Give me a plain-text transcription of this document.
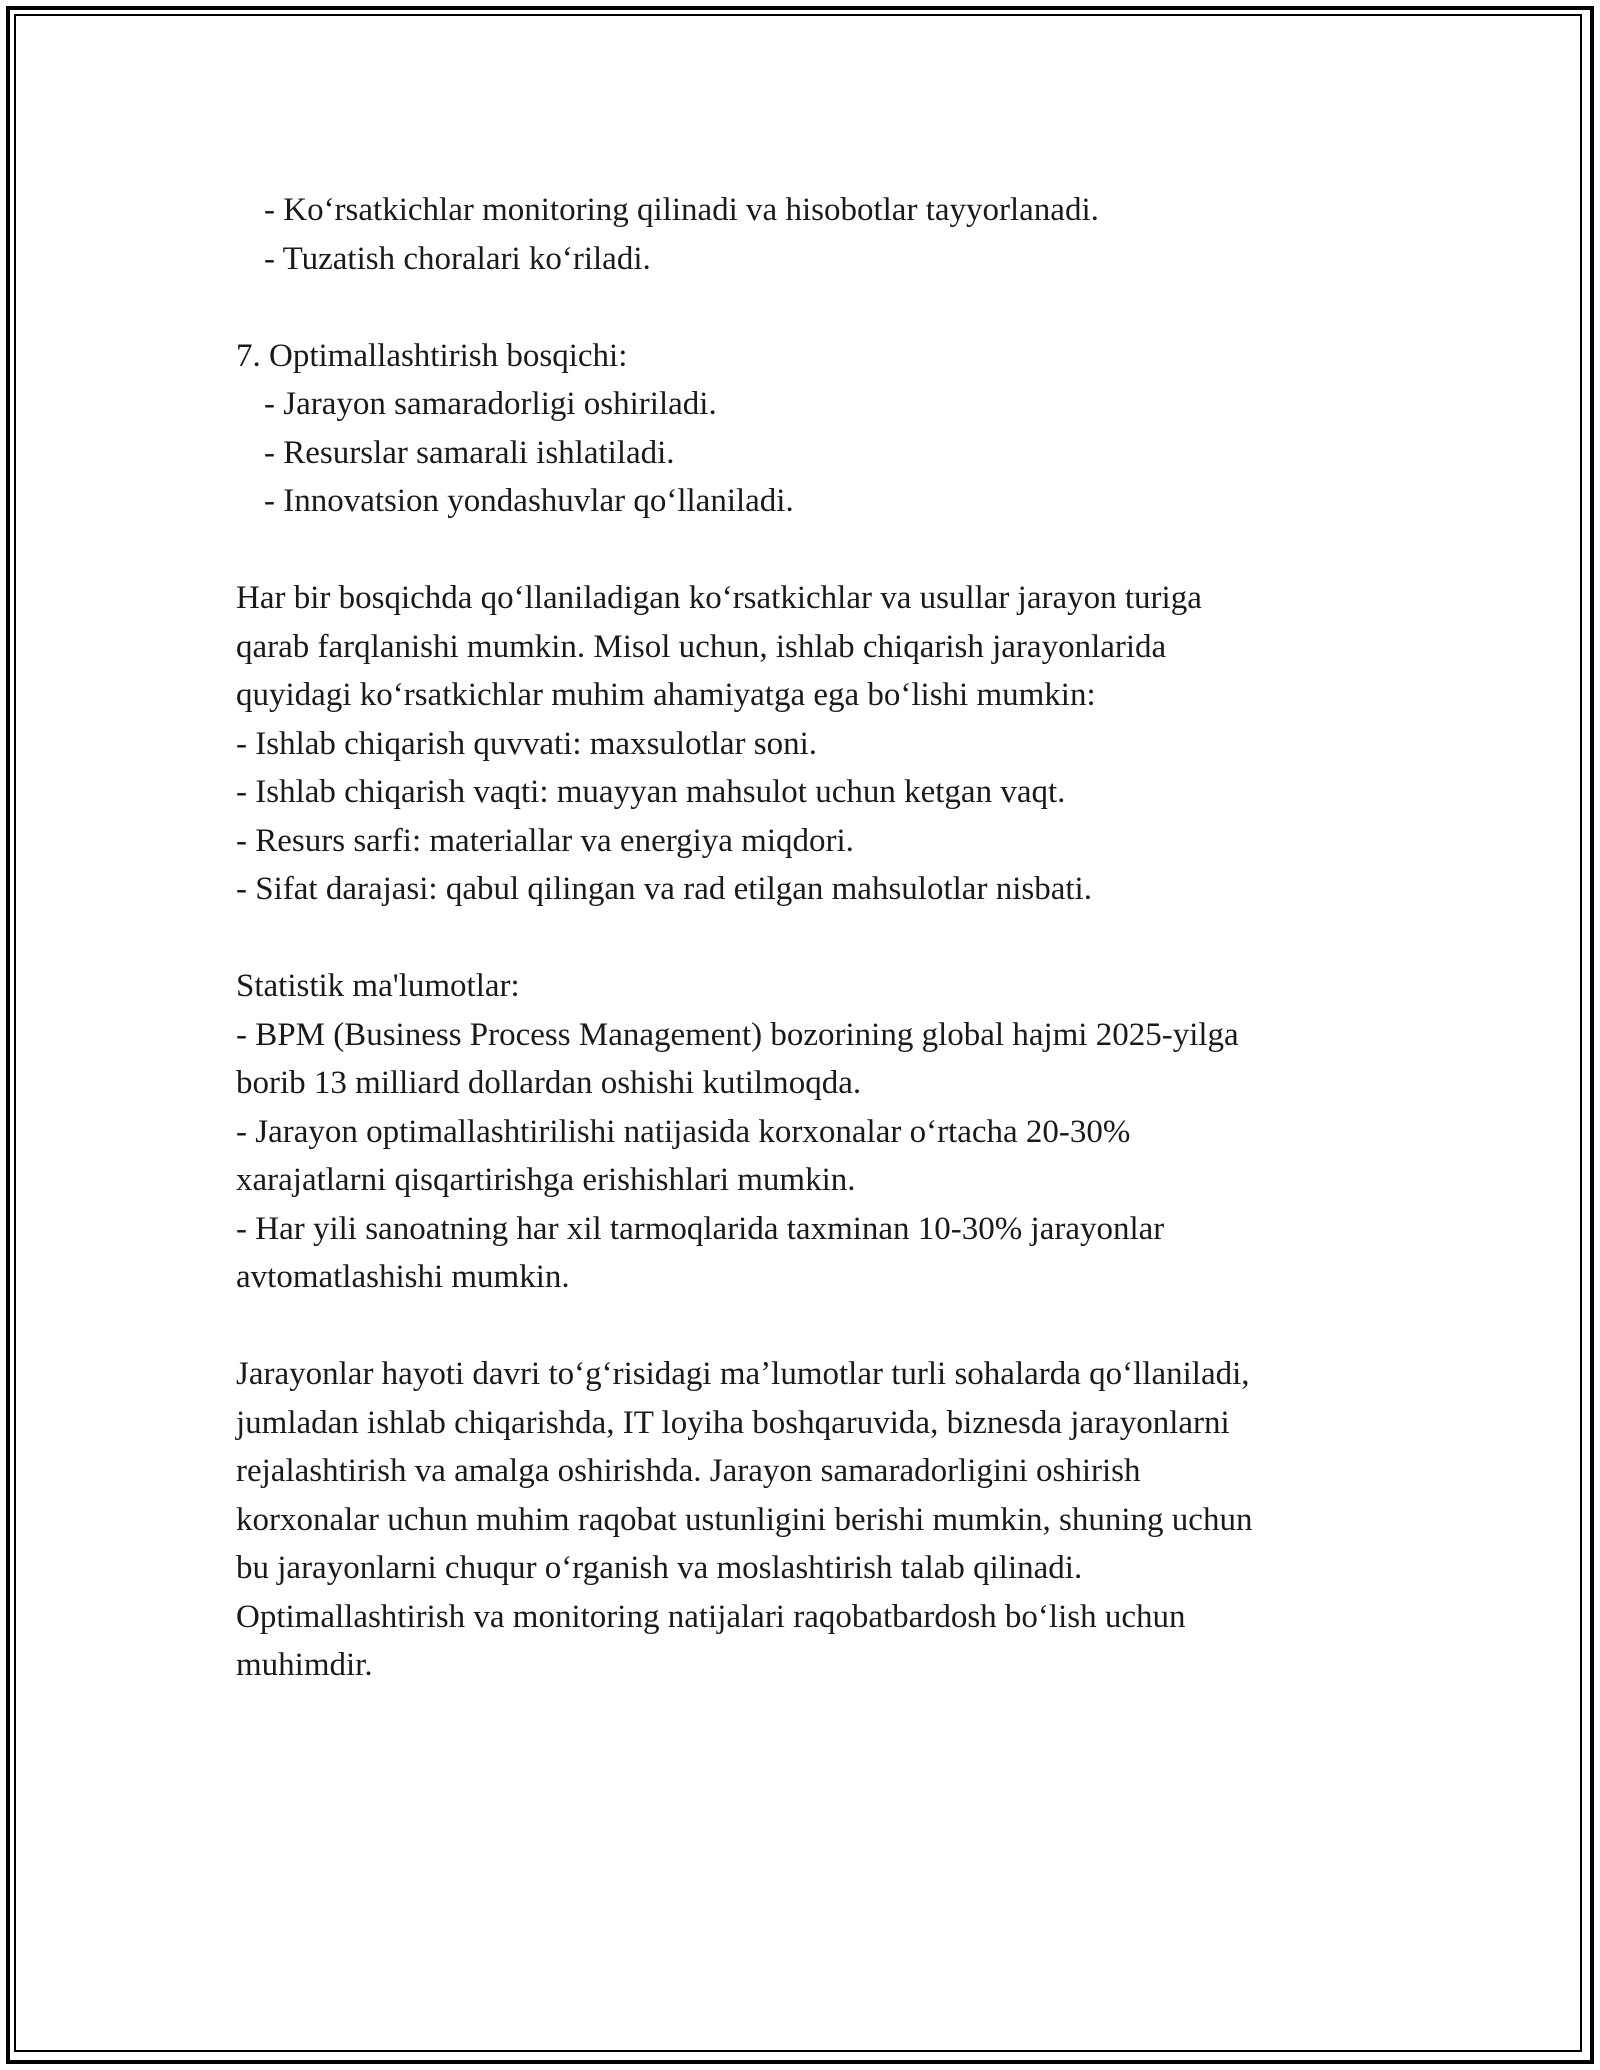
- Koʻrsatkichlar monitoring qilinadi va hisobotlar tayyorlanadi.
- Tuzatish choralari koʻriladi.
7. Optimallashtirish bosqichi:
- Jarayon samaradorligi oshiriladi.
- Resurslar samarali ishlatiladi.
- Innovatsion yondashuvlar qoʻllaniladi.
Har bir bosqichda qoʻllaniladigan koʻrsatkichlar va usullar jarayon turiga
qarab farqlanishi mumkin. Misol uchun, ishlab chiqarish jarayonlarida
quyidagi koʻrsatkichlar muhim ahamiyatga ega boʻlishi mumkin:
- Ishlab chiqarish quvvati: maxsulotlar soni.
- Ishlab chiqarish vaqti: muayyan mahsulot uchun ketgan vaqt.
- Resurs sarfi: materiallar va energiya miqdori.
- Sifat darajasi: qabul qilingan va rad etilgan mahsulotlar nisbati.
Statistik ma'lumotlar:
- BPM (Business Process Management) bozorining global hajmi 2025-yilga
borib 13 milliard dollardan oshishi kutilmoqda.
- Jarayon optimallashtirilishi natijasida korxonalar oʻrtacha 20-30%
xarajatlarni qisqartirishga erishishlari mumkin.
- Har yili sanoatning har xil tarmoqlarida taxminan 10-30% jarayonlar
avtomatlashishi mumkin.
Jarayonlar hayoti davri toʻgʻrisidagi maʼlumotlar turli sohalarda qoʻllaniladi,
jumladan ishlab chiqarishda, IT loyiha boshqaruvida, biznesda jarayonlarni
rejalashtirish va amalga oshirishda. Jarayon samaradorligini oshirish
korxonalar uchun muhim raqobat ustunligini berishi mumkin, shuning uchun
bu jarayonlarni chuqur oʻrganish va moslashtirish talab qilinadi.
Optimallashtirish va monitoring natijalari raqobatbardosh boʻlish uchun
muhimdir.
